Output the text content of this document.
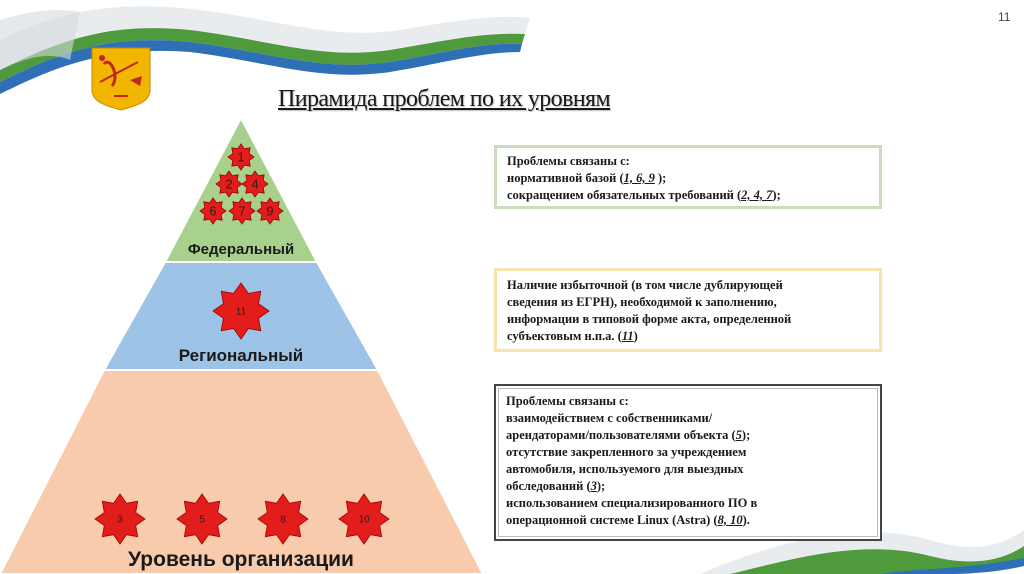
11
Пирамида проблем по их уровням
1
2 4
6 7 9
11
3	5	8	10
Федеральный
Региональный
Уровень организации
Проблемы связаны с:
нормативной базой (1, 6, 9 );
сокращением обязательных требований (2, 4, 7);
Наличие избыточной (в том числе дублирующей
сведения из ЕГРН), необходимой к заполнению,
информации в типовой форме акта, определенной
субъектовым н.п.а. (11)
Проблемы связаны с:
взаимодействием с собственниками/
арендаторами/пользователями объекта (5);
отсутствие закрепленного за учреждением
автомобиля, используемого для выездных
обследований (3);
использованием специализированного ПО в
операционной системе Linux (Astra) (8, 10).
